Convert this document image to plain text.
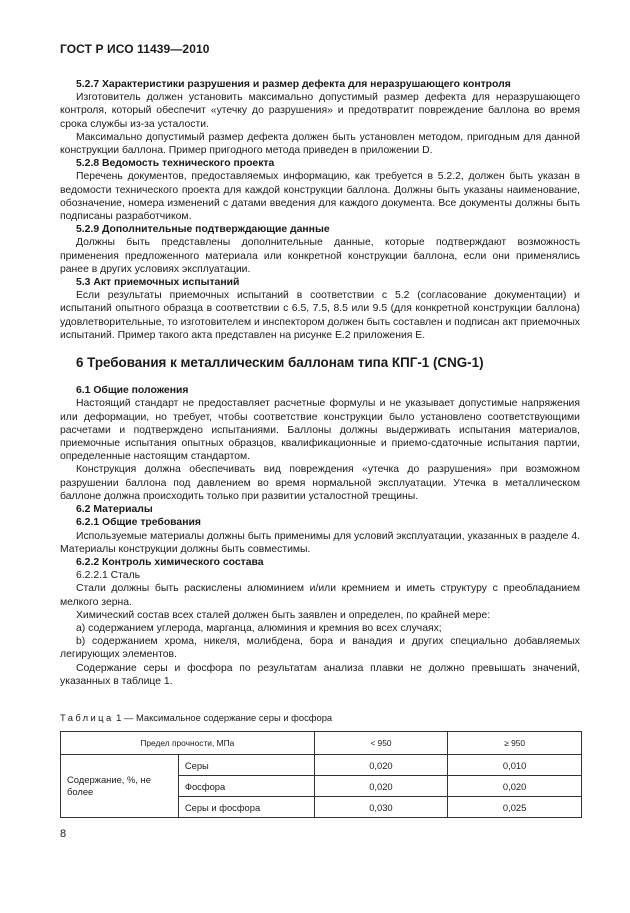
ГОСТ Р ИСО 11439—2010
5.2.7 Характеристики разрушения и размер дефекта для неразрушающего контроля

Изготовитель должен установить максимально допустимый размер дефекта для неразрушающего контроля, который обеспечит «утечку до разрушения» и предотвратит повреждение баллона во время срока службы из-за усталости.

Максимально допустимый размер дефекта должен быть установлен методом, пригодным для данной конструкции баллона. Пример пригодного метода приведен в приложении D.

5.2.8 Ведомость технического проекта

Перечень документов, предоставляемых информацию, как требуется в 5.2.2, должен быть указан в ведомости технического проекта для каждой конструкции баллона. Должны быть указаны наименование, обозначение, номера изменений с датами введения для каждого документа. Все документы должны быть подписаны разработчиком.

5.2.9 Дополнительные подтверждающие данные

Должны быть представлены дополнительные данные, которые подтверждают возможность применения предложенного материала или конкретной конструкции баллона, если они применялись ранее в других условиях эксплуатации.

5.3 Акт приемочных испытаний

Если результаты приемочных испытаний в соответствии с 5.2 (согласование документации) и испытаний опытного образца в соответствии с 6.5, 7.5, 8.5 или 9.5 (для конкретной конструкции баллона) удовлетворительные, то изготовителем и инспектором должен быть составлен и подписан акт приемочных испытаний. Пример такого акта представлен на рисунке Е.2 приложения Е.

6 Требования к металлическим баллонам типа КПГ-1 (CNG-1)
6.1 Общие положения

Настоящий стандарт не предоставляет расчетные формулы и не указывает допустимые напряжения или деформации, но требует, чтобы соответствие конструкции было установлено соответствующими расчетами и подтверждено испытаниями. Баллоны должны выдерживать испытания материалов, приемочные испытания опытных образцов, квалификационные и приемо-сдаточные испытания партии, определенные настоящим стандартом.

Конструкция должна обеспечивать вид повреждения «утечка до разрушения» при возможном разрушении баллона под давлением во время нормальной эксплуатации. Утечка в металлическом баллоне должна происходить только при развитии усталостной трещины.

6.2 Материалы
6.2.1 Общие требования

Используемые материалы должны быть применимы для условий эксплуатации, указанных в разделе 4. Материалы конструкции должны быть совместимы.

6.2.2 Контроль химического состава
6.2.2.1 Сталь

Стали должны быть раскислены алюминием и/или кремнием и иметь структуру с преобладанием мелкого зерна.

Химический состав всех сталей должен быть заявлен и определен, по крайней мере:

a) содержанием углерода, марганца, алюминия и кремния во всех случаях;

b) содержанием хрома, никеля, молибдена, бора и ванадия и других специально добавляемых легирующих элементов.

Содержание серы и фосфора по результатам анализа плавки не должно превышать значений, указанных в таблице 1.

Таблица 1 — Максимальное содержание серы и фосфора
Предел прочности, МПа		< 950	≥ 950
Содержание, %, не более	Серы	0,020	0,010
	Фосфора	0,020	0,020
	Серы и фосфора	0,030	0,025
8
